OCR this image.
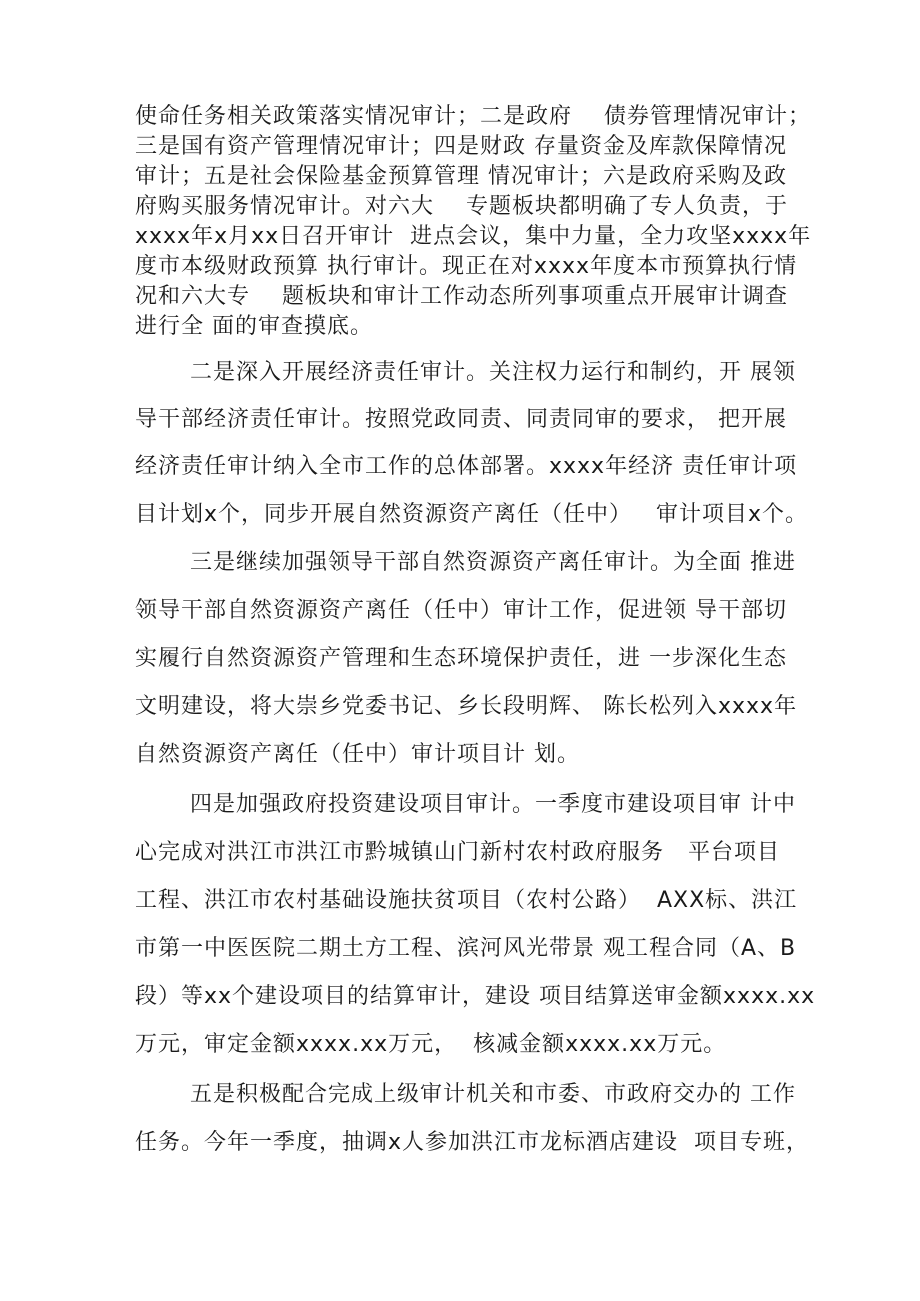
使命任务相关政策落实情况审计；二是政府    债券管理情况审计；
三是国有资产管理情况审计；四是财政 存量资金及库款保障情况
审计；五是社会保险基金预算管理 情况审计；六是政府采购及政
府购买服务情况审计。对六大    专题板块都明确了专人负责，于
xxxx年x月xx日召开审计  进点会议，集中力量，全力攻坚xxxx年
度市本级财政预算 执行审计。现正在对xxxx年度本市预算执行情
况和六大专    题板块和审计工作动态所列事项重点开展审计调查
进行全 面的审查摸底。
二是深入开展经济责任审计。关注权力运行和制约，开 展领
导干部经济责任审计。按照党政同责、同责同审的要求， 把开展
经济责任审计纳入全市工作的总体部署。xxxx年经济 责任审计项
目计划x个，同步开展自然资源资产离任（任中）   审计项目x个。
三是继续加强领导干部自然资源资产离任审计。为全面 推进
领导干部自然资源资产离任（任中）审计工作，促进领 导干部切
实履行自然资源资产管理和生态环境保护责任，进 一步深化生态
文明建设，将大崇乡党委书记、乡长段明辉、 陈长松列入xxxx年
自然资源资产离任（任中）审计项目计 划。
四是加强政府投资建设项目审计。一季度市建设项目审 计中
心完成对洪江市洪江市黔城镇山门新村农村政府服务   平台项目
工程、洪江市农村基础设施扶贫项目（农村公路）  AXX标、洪江
市第一中医医院二期土方工程、滨河风光带景 观工程合同（A、B
段）等xx个建设项目的结算审计，建设 项目结算送审金额xxxx.xx
万元，审定金额xxxx.xx万元，  核减金额xxxx.xx万元。
五是积极配合完成上级审计机关和市委、市政府交办的 工作
任务。今年一季度，抽调x人参加洪江市龙标酒店建设  项目专班，
